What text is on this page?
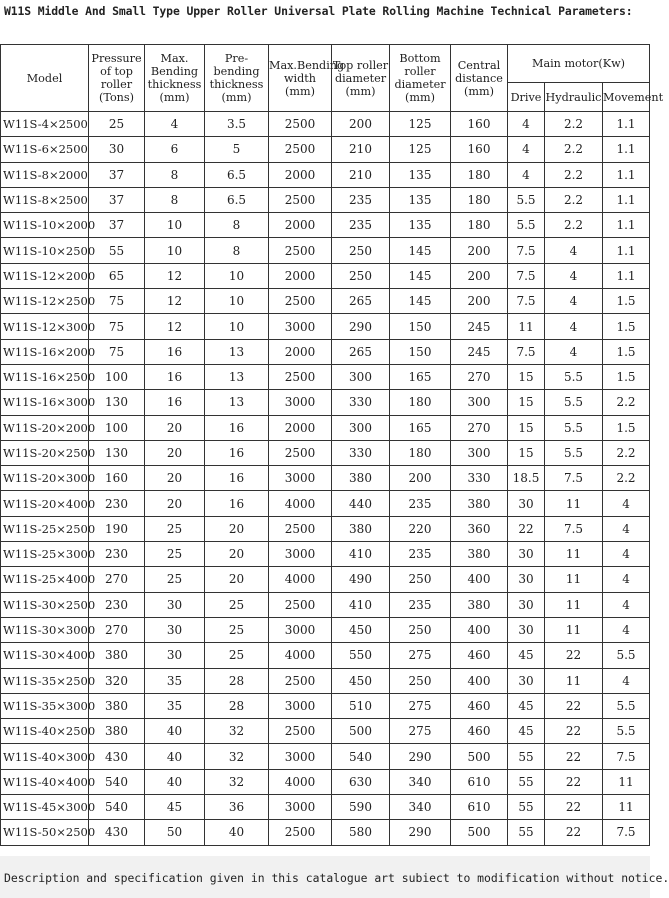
W11S Middle And Small Type Upper Roller Universal Plate Rolling Machine Technical Parameters:
Model	Pressure of top roller (Tons)	Max. Bending thickness (mm)	Pre-bending thickness (mm)	Max.Bending width (mm)	Top roller diameter (mm)	Bottom roller diameter (mm)	Central distance (mm)	Main motor(Kw)		
								Drive	Hydraulic	Movement
W11S-4×2500	25	4	3.5	2500	200	125	160	4	2.2	1.1
W11S-6×2500	30	6	5	2500	210	125	160	4	2.2	1.1
W11S-8×2000	37	8	6.5	2000	210	135	180	4	2.2	1.1
W11S-8×2500	37	8	6.5	2500	235	135	180	5.5	2.2	1.1
W11S-10×2000	37	10	8	2000	235	135	180	5.5	2.2	1.1
W11S-10×2500	55	10	8	2500	250	145	200	7.5	4	1.1
W11S-12×2000	65	12	10	2000	250	145	200	7.5	4	1.1
W11S-12×2500	75	12	10	2500	265	145	200	7.5	4	1.5
W11S-12×3000	75	12	10	3000	290	150	245	11	4	1.5
W11S-16×2000	75	16	13	2000	265	150	245	7.5	4	1.5
W11S-16×2500	100	16	13	2500	300	165	270	15	5.5	1.5
W11S-16×3000	130	16	13	3000	330	180	300	15	5.5	2.2
W11S-20×2000	100	20	16	2000	300	165	270	15	5.5	1.5
W11S-20×2500	130	20	16	2500	330	180	300	15	5.5	2.2
W11S-20×3000	160	20	16	3000	380	200	330	18.5	7.5	2.2
W11S-20×4000	230	20	16	4000	440	235	380	30	11	4
W11S-25×2500	190	25	20	2500	380	220	360	22	7.5	4
W11S-25×3000	230	25	20	3000	410	235	380	30	11	4
W11S-25×4000	270	25	20	4000	490	250	400	30	11	4
W11S-30×2500	230	30	25	2500	410	235	380	30	11	4
W11S-30×3000	270	30	25	3000	450	250	400	30	11	4
W11S-30×4000	380	30	25	4000	550	275	460	45	22	5.5
W11S-35×2500	320	35	28	2500	450	250	400	30	11	4
W11S-35×3000	380	35	28	3000	510	275	460	45	22	5.5
W11S-40×2500	380	40	32	2500	500	275	460	45	22	5.5
W11S-40×3000	430	40	32	3000	540	290	500	55	22	7.5
W11S-40×4000	540	40	32	4000	630	340	610	55	22	11
W11S-45×3000	540	45	36	3000	590	340	610	55	22	11
W11S-50×2500	430	50	40	2500	580	290	500	55	22	7.5
Description and specification given in this catalogue art subiect to modification without notice.
